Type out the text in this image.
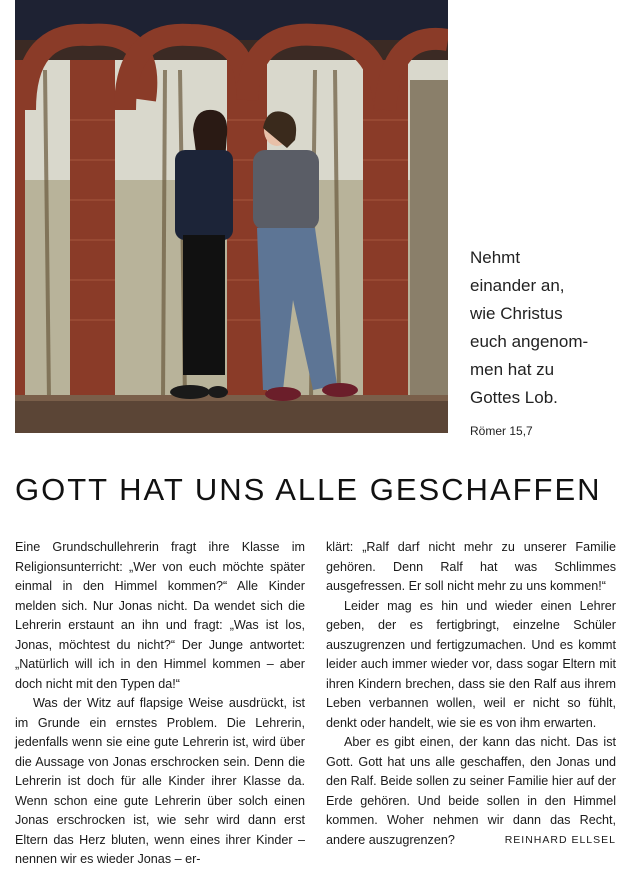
Nehmt

einander an,

wie Christus

euch angenom-

men hat zu

Gottes Lob.

Römer 15,7
GOTT HAT UNS ALLE GESCHAFFEN

Eine Grundschullehrerin fragt ihre Klasse im Religionsunterricht: „Wer von euch möchte später einmal in den Himmel kommen?“ Alle Kinder melden sich. Nur Jonas nicht. Da wendet sich die Lehrerin erstaunt an ihn und fragt: „Was ist los, Jonas, möchtest du nicht?“ Der Junge antwortet: „Natürlich will ich in den Himmel kommen – aber doch nicht mit den Typen da!“

Was der Witz auf flapsige Weise ausdrückt, ist im Grunde ein ernstes Problem. Die Lehrerin, jedenfalls wenn sie eine gute Lehrerin ist, wird über die Aussage von Jonas erschrocken sein. Denn die Lehrerin ist doch für alle Kinder ihrer Klasse da. Wenn schon eine gute Lehrerin über solch einen Jonas erschrocken ist, wie sehr wird dann erst Eltern das Herz bluten, wenn eines ihrer Kinder – nennen wir es wieder Jonas – er-

klärt: „Ralf darf nicht mehr zu unserer Familie gehören. Denn Ralf hat was Schlimmes ausgefressen. Er soll nicht mehr zu uns kommen!“

Leider mag es hin und wieder einen Lehrer geben, der es fertigbringt, einzelne Schüler auszugrenzen und fertigzumachen. Und es kommt leider auch immer wieder vor, dass sogar Eltern mit ihren Kindern brechen, dass sie den Ralf aus ihrem Leben verbannen wollen, weil er nicht so fühlt, denkt oder handelt, wie sie es von ihm erwarten.

Aber es gibt einen, der kann das nicht. Das ist Gott. Gott hat uns alle geschaffen, den Jonas und den Ralf. Beide sollen zu seiner Familie hier auf der Erde gehören. Und beide sollen in den Himmel kommen. Woher nehmen wir dann das Recht, andere auszugrenzen?	REINHARD ELLSEL
